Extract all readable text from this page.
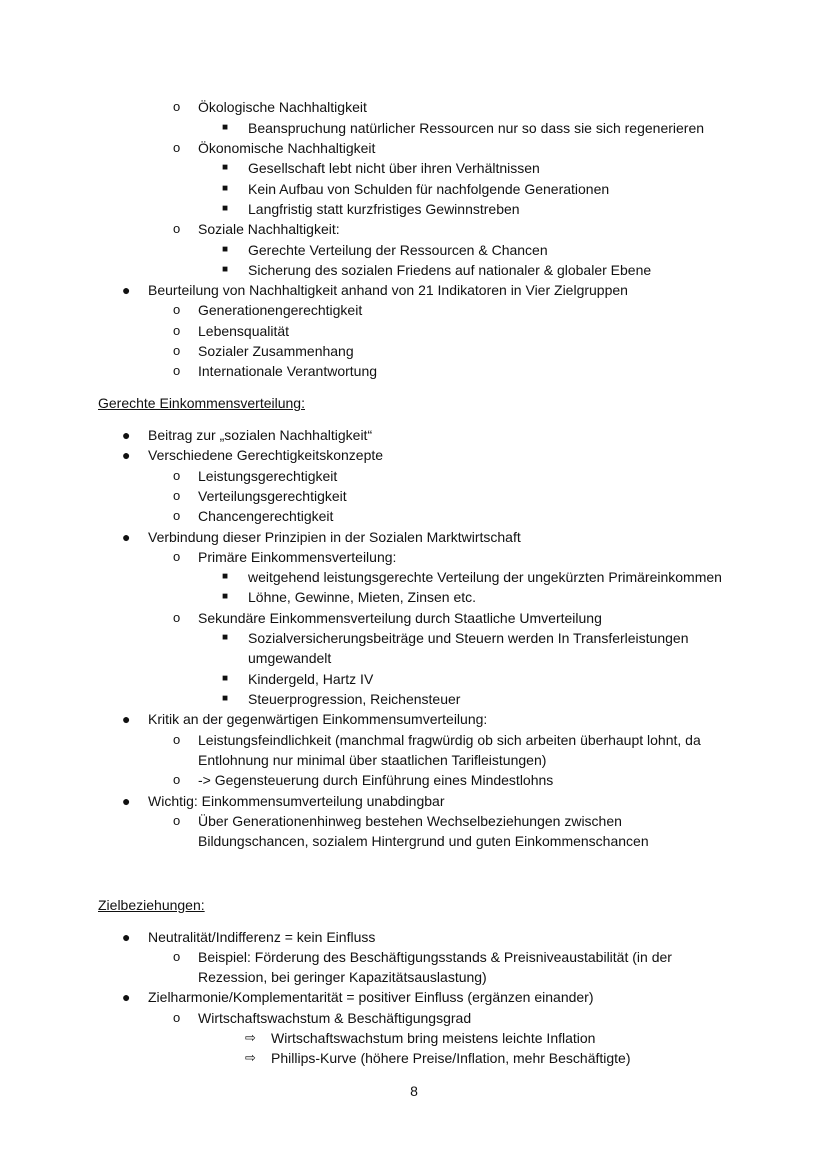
o Ökologische Nachhaltigkeit
■ Beanspruchung natürlicher Ressourcen nur so dass sie sich regenerieren
o Ökonomische Nachhaltigkeit
■ Gesellschaft lebt nicht über ihren Verhältnissen
■ Kein Aufbau von Schulden für nachfolgende Generationen
■ Langfristig statt kurzfristiges Gewinnstreben
o Soziale Nachhaltigkeit:
■ Gerechte Verteilung der Ressourcen & Chancen
■ Sicherung des sozialen Friedens auf nationaler & globaler Ebene
● Beurteilung von Nachhaltigkeit anhand von 21 Indikatoren in Vier Zielgruppen
o Generationengerechtigkeit
o Lebensqualität
o Sozialer Zusammenhang
o Internationale Verantwortung
Gerechte Einkommensverteilung:
● Beitrag zur „sozialen Nachhaltigkeit“
● Verschiedene Gerechtigkeitskonzepte
o Leistungsgerechtigkeit
o Verteilungsgerechtigkeit
o Chancengerechtigkeit
● Verbindung dieser Prinzipien in der Sozialen Marktwirtschaft
o Primäre Einkommensverteilung:
■ weitgehend leistungsgerechte Verteilung der ungekürzten Primäreinkommen
■ Löhne, Gewinne, Mieten, Zinsen etc.
o Sekundäre Einkommensverteilung durch Staatliche Umverteilung
■ Sozialversicherungsbeiträge und Steuern werden In Transferleistungen
umgewandelt
■ Kindergeld, Hartz IV
■ Steuerprogression, Reichensteuer
● Kritik an der gegenwärtigen Einkommensumverteilung:
o Leistungsfeindlichkeit (manchmal fragwürdig ob sich arbeiten überhaupt lohnt, da
Entlohnung nur minimal über staatlichen Tarifleistungen)
o -> Gegensteuerung durch Einführung eines Mindestlohns
● Wichtig: Einkommensumverteilung unabdingbar
o Über Generationenhinweg bestehen Wechselbeziehungen zwischen
Bildungschancen, sozialem Hintergrund und guten Einkommenschancen
Zielbeziehungen:
● Neutralität/Indifferenz = kein Einfluss
o Beispiel: Förderung des Beschäftigungsstands & Preisniveaustabilität (in der
Rezession, bei geringer Kapazitätsauslastung)
● Zielharmonie/Komplementarität = positiver Einfluss (ergänzen einander)
o Wirtschaftswachstum & Beschäftigungsgrad
⇨ Wirtschaftswachstum bring meistens leichte Inflation
⇨ Phillips-Kurve (höhere Preise/Inflation, mehr Beschäftigte)
8
